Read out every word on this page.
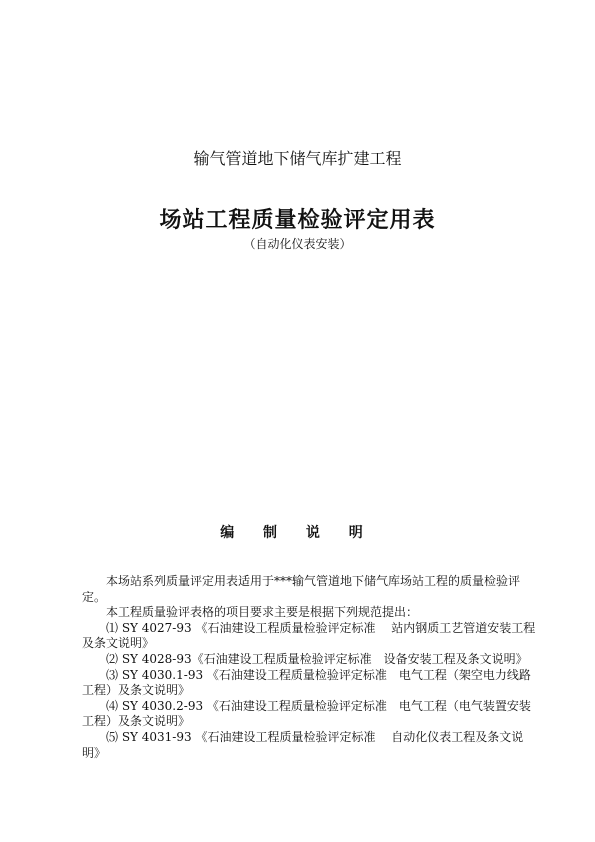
输气管道地下储气库扩建工程
场站工程质量检验评定用表
（自动化仪表安装）
编 制 说 明

本场站系列质量评定用表适用于***输气管道地下储气库场站工程的质量检验评定。

本工程质量验评表格的项目要求主要是根据下列规范提出：

⑴ SY 4027-93 《石油建设工程质量检验评定标准　 站内钢质工艺管道安装工程及条文说明》

⑵ SY 4028-93《石油建设工程质量检验评定标准　设备安装工程及条文说明》

⑶ SY 4030.1-93 《石油建设工程质量检验评定标准　电气工程（架空电力线路工程）及条文说明》

⑷ SY 4030.2-93 《石油建设工程质量检验评定标准　电气工程（电气装置安装工程）及条文说明》

⑸ SY 4031-93 《石油建设工程质量检验评定标准　 自动化仪表工程及条文说明》
